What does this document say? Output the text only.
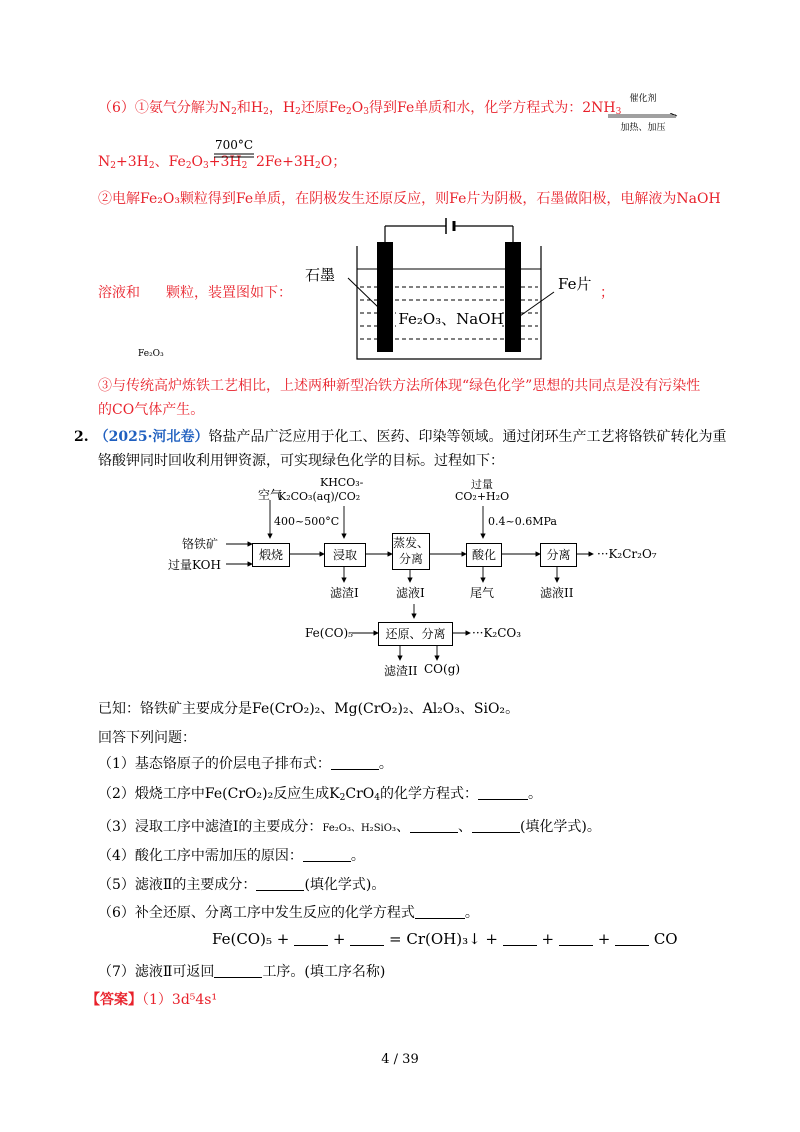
（6）①氨气分解为$N_2$和$H_2$，$H_2$还原$Fe_2O_3$得到Fe单质和水，化学方程式为：$2NH_3$
催化剂
加热、加压
$N_2+3H_2$、$Fe_2O_3+3H_2$
700°C
$2Fe+3H_2O$；
②电解Fe₂O₃颗粒得到Fe单质，在阴极发生还原反应，则Fe片为阴极，石墨做阳极，电解液为NaOH
溶液和 颗粒，装置图如下：	；
Fe₂O₃
石墨	Fe片
Fe₂O₃、NaOH
③与传统高炉炼铁工艺相比，上述两种新型冶铁方法所体现“绿色化学”思想的共同点是没有污染性
的CO气体产生。
2. （2025·河北卷）铬盐产品广泛应用于化工、医药、印染等领域。通过闭环生产工艺将铬铁矿转化为重
铬酸钾同时回收利用钾资源，可实现绿色化学的目标。过程如下：
煅烧	浸取
蒸发、
分离	酸化	分离
还原、分离
铬铁矿
过量KOH
空气
400~500°C
KHCO₃-
K₂CO₃(aq)/CO₂
过量
CO₂+H₂O
0.4~0.6MPa
···K₂Cr₂O₇
滤渣I	滤液I	尾气	滤液II
Fe(CO)₅	···K₂CO₃
滤渣II CO(g)
已知：铬铁矿主要成分是Fe(CrO₂)₂、Mg(CrO₂)₂、Al₂O₃、SiO₂。
回答下列问题：
（1）基态铬原子的价层电子排布式：	。
（2）煅烧工序中Fe(CrO₂)₂反应生成$K_2CrO_4$的化学方程式：	。
（3）浸取工序中滤渣Ⅰ的主要成分：Fe₂O₃、H₂SiO₃、	、	(填化学式)。
（4）酸化工序中需加压的原因：	。
（5）滤液Ⅱ的主要成分：	(填化学式)。
（6）补全还原、分离工序中发生反应的化学方程式	。
Fe(CO)₅ +	+	= Cr(OH)₃↓ +	+	+	CO
（7）滤液Ⅱ可返回	工序。(填工序名称)
【答案】（1）3d⁵4s¹
4 / 39
